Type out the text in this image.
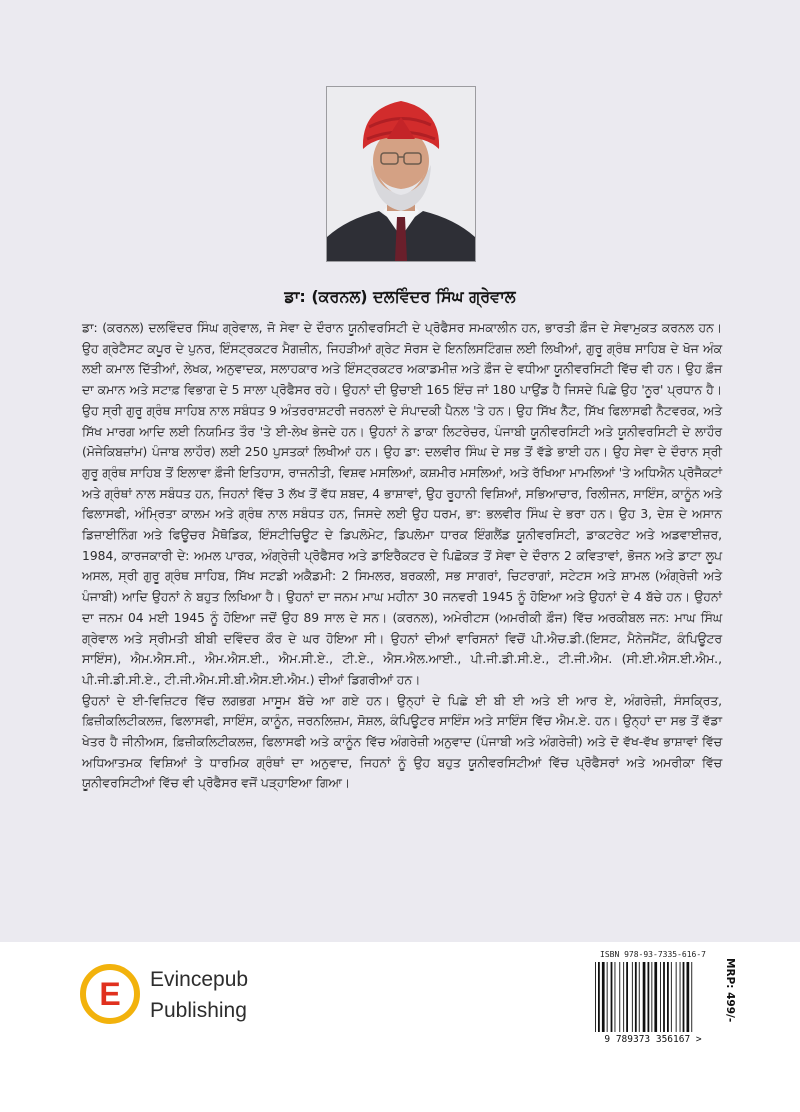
ਡਾ: (ਕਰਨਲ) ਦਲਵਿੰਦਰ ਸਿੰਘ ਗ੍ਰੇਵਾਲ

ਡਾ: (ਕਰਨਲ) ਦਲਵਿੰਦਰ ਸਿੰਘ ਗ੍ਰੇਵਾਲ, ਜੋ ਸੇਵਾ ਦੇ ਦੌਰਾਨ ਯੂਨੀਵਰਸਿਟੀ ਦੇ ਪ੍ਰੋਫੈਸਰ ਸਮਕਾਲੀਨ ਹਨ, ਭਾਰਤੀ ਫ਼ੌਜ ਦੇ ਸੇਵਾਮੁਕਤ ਕਰਨਲ ਹਨ। ਉਹ ਗ੍ਰੇਟੈਸਟ ਕਪੂਰ ਦੇ ਪੁਨਰ, ਇੰਸਟ੍ਰਕਟਰ ਮੈਗਜ਼ੀਨ, ਜਿਹੜੀਆਂ ਗ੍ਰੇਟ ਸੋਰਸ ਦੇ ਇਨਲਿਸਟਿੰਗਜ਼ ਲਈ ਲਿਖੀਆਂ, ਗੁਰੂ ਗ੍ਰੰਥ ਸਾਹਿਬ ਦੇ ਖੋਜ ਅੰਕ ਲਈ ਕਮਾਲ ਦਿੱਤੀਆਂ, ਲੇਖਕ, ਅਨੁਵਾਦਕ, ਸਲਾਹਕਾਰ ਅਤੇ ਇੰਸਟ੍ਰਕਟਰ ਅਕਾਡਮੀਜ਼ ਅਤੇ ਫ਼ੌਜ ਦੇ ਵਧੀਆ ਯੂਨੀਵਰਸਿਟੀ ਵਿੱਚ ਵੀ ਹਨ। ਉਹ ਫ਼ੌਜ ਦਾ ਕਮਾਨ ਅਤੇ ਸਟਾਫ਼ ਵਿਭਾਗ ਦੇ 5 ਸਾਲਾ ਪ੍ਰੋਫੈਸਰ ਰਹੇ। ਉਹਨਾਂ ਦੀ ਉਚਾਈ 165 ਇੰਚ ਜਾਂ 180 ਪਾਉਂਡ ਹੈ ਜਿਸਦੇ ਪਿਛੇ ਉਹ 'ਨੂਰ' ਪ੍ਰਧਾਨ ਹੈ। ਉਹ ਸ੍ਰੀ ਗੁਰੂ ਗ੍ਰੰਥ ਸਾਹਿਬ ਨਾਲ ਸਬੰਧਤ 9 ਅੰਤਰਰਾਸ਼ਟਰੀ ਜਰਨਲਾਂ ਦੇ ਸੰਪਾਦਕੀ ਪੈਨਲ 'ਤੇ ਹਨ। ਉਹ ਸਿੱਖ ਨੈੱਟ, ਸਿੱਖ ਫਿਲਾਸਫੀ ਨੈਟਵਰਕ, ਅਤੇ ਸਿੱਖ ਮਾਰਗ ਆਦਿ ਲਈ ਨਿਯਮਿਤ ਤੌਰ 'ਤੇ ਈ-ਲੇਖ ਭੇਜਦੇ ਹਨ। ਉਹਨਾਂ ਨੇ ਡਾਕਾ ਲਿਟਰੇਚਰ, ਪੰਜਾਬੀ ਯੂਨੀਵਰਸਿਟੀ ਅਤੇ ਯੂਨੀਵਰਸਿਟੀ ਦੇ ਲਾਹੌਰ (ਮੋਜੇਕਿਬਜ਼ਾਂਮ) ਪੰਜਾਬ ਲਾਹੌਰ) ਲਈ 250 ਪੁਸਤਕਾਂ ਲਿਖੀਆਂ ਹਨ। ਉਹ ਡਾ: ਦਲਵੀਰ ਸਿੰਘ ਦੇ ਸਭ ਤੋਂ ਵੱਡੇ ਭਾਈ ਹਨ। ਉਹ ਸੇਵਾ ਦੇ ਦੌਰਾਨ ਸ੍ਰੀ ਗੁਰੂ ਗ੍ਰੰਥ ਸਾਹਿਬ ਤੋਂ ਇਲਾਵਾ ਫ਼ੌਜੀ ਇਤਿਹਾਸ, ਰਾਜਨੀਤੀ, ਵਿਸ਼ਵ ਮਸਲਿਆਂ, ਕਸ਼ਮੀਰ ਮਸਲਿਆਂ, ਅਤੇ ਰੱਖਿਆ ਮਾਮਲਿਆਂ 'ਤੇ ਅਧਿਐਨ ਪ੍ਰੋਜੈਕਟਾਂ ਅਤੇ ਗ੍ਰੰਥਾਂ ਨਾਲ ਸਬੰਧਤ ਹਨ, ਜਿਹਨਾਂ ਵਿੱਚ 3 ਲੱਖ ਤੋਂ ਵੱਧ ਸ਼ਬਦ, 4 ਭਾਸ਼ਾਵਾਂ, ਉਹ ਰੂਹਾਨੀ ਵਿਸ਼ਿਆਂ, ਸਭਿਆਚਾਰ, ਰਿਲੀਜਨ, ਸਾਇੰਸ, ਕਾਨੂੰਨ ਅਤੇ ਫਿਲਾਸਫੀ, ਅੰਮ੍ਰਿਤਾ ਕਾਲਮ ਅਤੇ ਗ੍ਰੰਥ ਨਾਲ ਸਬੰਧਤ ਹਨ, ਜਿਸਦੇ ਲਈ ਉਹ ਧਰਮ, ਭਾ: ਭਲਵੀਰ ਸਿੰਘ ਦੇ ਭਰਾ ਹਨ। ਉਹ 3, ਦੇਸ਼ ਦੇ ਅਸਾਨ ਡਿਜ਼ਾਈਨਿੰਗ ਅਤੇ ਫਿਊਚਰ ਮੈਥੋਡਿਕ, ਇੰਸਟੀਚਿਊਟ ਦੇ ਡਿਪਲੋਮੇਟ, ਡਿਪਲੋਮਾ ਧਾਰਕ ਇੰਗਲੈਂਡ ਯੂਨੀਵਰਸਿਟੀ, ਡਾਕਟਰੇਟ ਅਤੇ ਅਡਵਾਈਜ਼ਰ, 1984, ਕਾਰਜਕਾਰੀ ਦੇ: ਅਮਲ ਪਾਰਕ, ਅੰਗ੍ਰੇਜ਼ੀ ਪ੍ਰੋਫੈਸਰ ਅਤੇ ਡਾਇਰੈਕਟਰ ਦੇ ਪਿਛੋਕੜ ਤੋਂ ਸੇਵਾ ਦੇ ਦੌਰਾਨ 2 ਕਵਿਤਾਵਾਂ, ਭੋਜਨ ਅਤੇ ਡਾਟਾ ਲੂਪ ਅਸਲ, ਸ੍ਰੀ ਗੁਰੂ ਗ੍ਰੰਥ ਸਾਹਿਬ, ਸਿੱਖ ਸਟਡੀ ਅਕੈਡਮੀ: 2 ਸਿਮਲਰ, ਬਰਕਲੀ, ਸਭ ਸਾਗਰਾਂ, ਚਿਟਰਾਗਾਂ, ਸਟੇਟਸ ਅਤੇ ਸ਼ਾਮਲ (ਅੰਗ੍ਰੇਜ਼ੀ ਅਤੇ ਪੰਜਾਬੀ) ਆਦਿ ਉਹਨਾਂ ਨੇ ਬਹੁਤ ਲਿਖਿਆ ਹੈ। ਉਹਨਾਂ ਦਾ ਜਨਮ ਮਾਘ ਮਹੀਨਾ 30 ਜਨਵਰੀ 1945 ਨੂੰ ਹੋਇਆ ਅਤੇ ਉਹਨਾਂ ਦੇ 4 ਬੱਚੇ ਹਨ। ਉਹਨਾਂ ਦਾ ਜਨਮ 04 ਮਈ 1945 ਨੂੰ ਹੋਇਆ ਜਦੋਂ ਉਹ 89 ਸਾਲ ਦੇ ਸਨ। (ਕਰਨਲ), ਅਮੇਰੀਟਸ (ਅਮਰੀਕੀ ਫ਼ੌਜ) ਵਿੱਚ ਅਰਕੀਬਲ ਜਨ: ਮਾਘ ਸਿੰਘ ਗ੍ਰੇਵਾਲ ਅਤੇ ਸ੍ਰੀਮਤੀ ਬੀਬੀ ਦਵਿੰਦਰ ਕੌਰ ਦੇ ਘਰ ਹੋਇਆ ਸੀ। ਉਹਨਾਂ ਦੀਆਂ ਵਾਰਿਸਨਾਂ ਵਿਚੋਂ ਪੀ.ਐਚ.ਡੀ.(ਇਸਟ, ਮੈਨੇਜਮੈਂਟ, ਕੰਪਿਊਟਰ ਸਾਇੰਸ), ਐਮ.ਐਸ.ਸੀ., ਐਮ.ਐਸ.ਈ., ਐਮ.ਸੀ.ਏ., ਟੀ.ਏ., ਐਸ.ਐਲ.ਆਈ., ਪੀ.ਜੀ.ਡੀ.ਸੀ.ਏ., ਟੀ.ਜੀ.ਐਮ. (ਸੀ.ਈ.ਐਸ.ਈ.ਐਮ., ਪੀ.ਜੀ.ਡੀ.ਸੀ.ਏ., ਟੀ.ਜੀ.ਐਮ.ਸੀ.ਬੀ.ਐਸ.ਈ.ਐਮ.) ਦੀਆਂ ਡਿਗਰੀਆਂ ਹਨ।

ਉਹਨਾਂ ਦੇ ਈ-ਵਿਜ਼ਿਟਰ ਵਿੱਚ ਲਗਭਗ ਮਾਸੂਮ ਬੱਚੇ ਆ ਗਏ ਹਨ। ਉਨ੍ਹਾਂ ਦੇ ਪਿਛੇ ਈ ਬੀ ਈ ਅਤੇ ਈ ਆਰ ਏ, ਅੰਗਰੇਜ਼ੀ, ਸੰਸਕ੍ਰਿਤ, ਫ਼ਿਜ਼ੀਕਲਿਟੀਕਲਜ਼, ਫਿਲਾਸਫੀ, ਸਾਇੰਸ, ਕਾਨੂੰਨ, ਜਰਨਲਿਜ਼ਮ, ਸੋਸ਼ਲ, ਕੰਪਿਊਟਰ ਸਾਇੰਸ ਅਤੇ ਸਾਇੰਸ ਵਿੱਚ ਐਮ.ਏ. ਹਨ। ਉਨ੍ਹਾਂ ਦਾ ਸਭ ਤੋਂ ਵੱਡਾ ਖੇਤਰ ਹੈ ਜੀਨੀਅਸ, ਫ਼ਿਜ਼ੀਕਲਿਟੀਕਲਜ਼, ਫਿਲਾਸਫੀ ਅਤੇ ਕਾਨੂੰਨ ਵਿੱਚ ਅੰਗਰੇਜ਼ੀ ਅਨੁਵਾਦ (ਪੰਜਾਬੀ ਅਤੇ ਅੰਗਰੇਜ਼ੀ) ਅਤੇ ਦੋ ਵੱਖ-ਵੱਖ ਭਾਸ਼ਾਵਾਂ ਵਿੱਚ ਅਧਿਆਤਮਕ ਵਿਸ਼ਿਆਂ ਤੇ ਧਾਰਮਿਕ ਗ੍ਰੰਥਾਂ ਦਾ ਅਨੁਵਾਦ, ਜਿਹਨਾਂ ਨੂੰ ਉਹ ਬਹੁਤ ਯੂਨੀਵਰਸਿਟੀਆਂ ਵਿੱਚ ਪ੍ਰੋਫੈਸਰਾਂ ਅਤੇ ਅਮਰੀਕਾ ਵਿੱਚ ਯੂਨੀਵਰਸਿਟੀਆਂ ਵਿੱਚ ਵੀ ਪ੍ਰੋਫੈਸਰ ਵਜੋਂ ਪੜ੍ਹਾਇਆ ਗਿਆ।

E Evincepub
Publishing
ISBN 978-93-7335-616-7
9 789373 356167 >
MRP: 499/-
